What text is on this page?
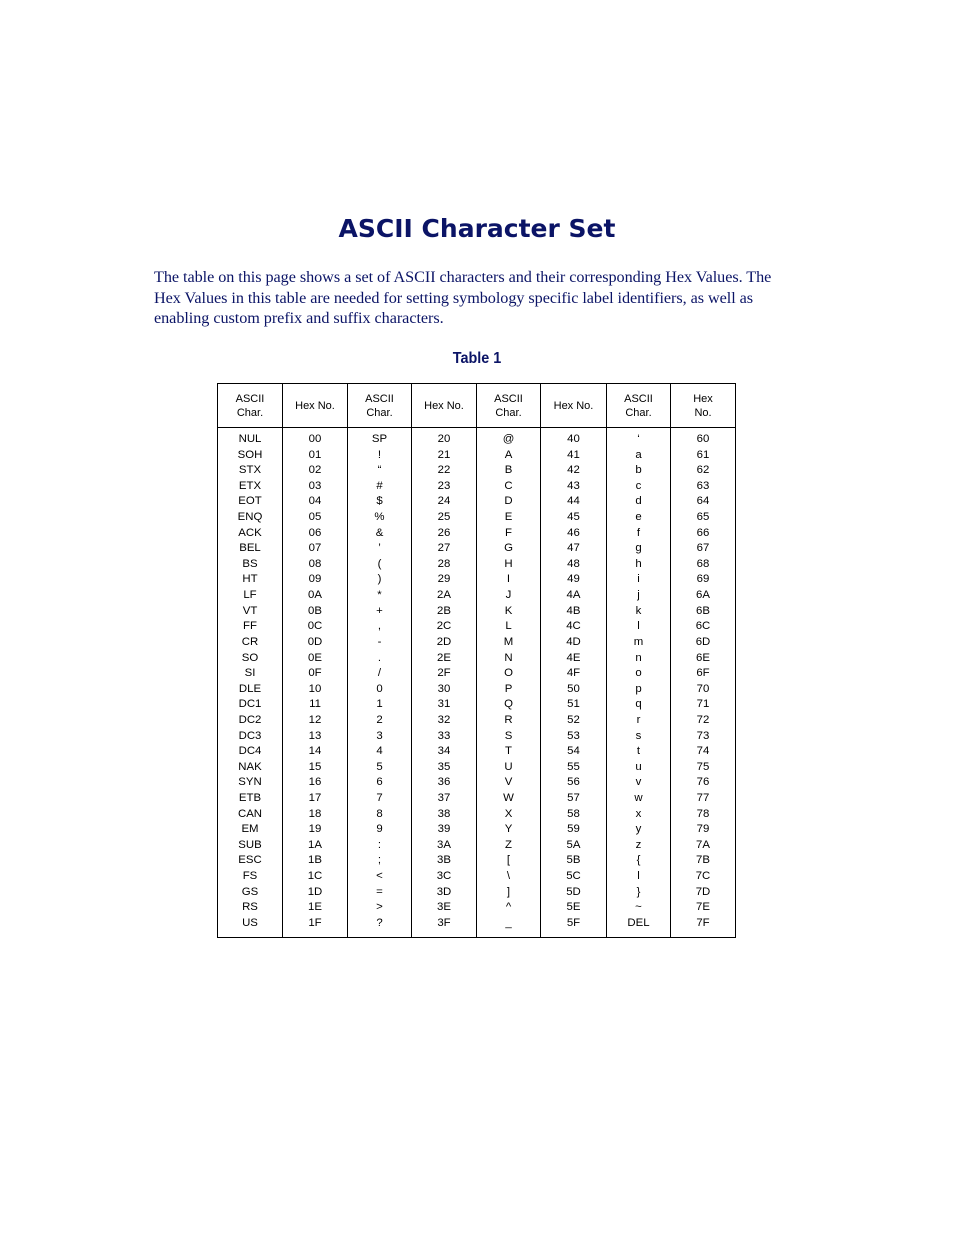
ASCII Character Set

The table on this page shows a set of ASCII characters and their corresponding Hex Values. The
Hex Values in this table are needed for setting symbology specific label identifiers, as well as
enabling custom prefix and suffix characters.

Table 1
ASCII
Char.
Hex No.
ASCII
Char.
Hex No.
ASCII
Char.
Hex No.
ASCII
Char.
Hex
No.
NUL
SOH
STX
ETX
EOT
ENQ
ACK
BEL
BS
HT
LF
VT
FF
CR
SO
SI
DLE
DC1
DC2
DC3
DC4
NAK
SYN
ETB
CAN
EM
SUB
ESC
FS
GS
RS
US
00
01
02
03
04
05
06
07
08
09
0A
0B
0C
0D
0E
0F
10
11
12
13
14
15
16
17
18
19
1A
1B
1C
1D
1E
1F
SP
!
“
#
$
%
&
’
(
)
*
+
,
-
.
/
0
1
2
3
4
5
6
7
8
9
:
;
<
=
>
?
20
21
22
23
24
25
26
27
28
29
2A
2B
2C
2D
2E
2F
30
31
32
33
34
35
36
37
38
39
3A
3B
3C
3D
3E
3F
@
A
B
C
D
E
F
G
H
I
J
K
L
M
N
O
P
Q
R
S
T
U
V
W
X
Y
Z
[
\
]
^
_
40
41
42
43
44
45
46
47
48
49
4A
4B
4C
4D
4E
4F
50
51
52
53
54
55
56
57
58
59
5A
5B
5C
5D
5E
5F
‘
a
b
c
d
e
f
g
h
i
j
k
l
m
n
o
p
q
r
s
t
u
v
w
x
y
z
{
l
}
~
DEL
60
61
62
63
64
65
66
67
68
69
6A
6B
6C
6D
6E
6F
70
71
72
73
74
75
76
77
78
79
7A
7B
7C
7D
7E
7F
